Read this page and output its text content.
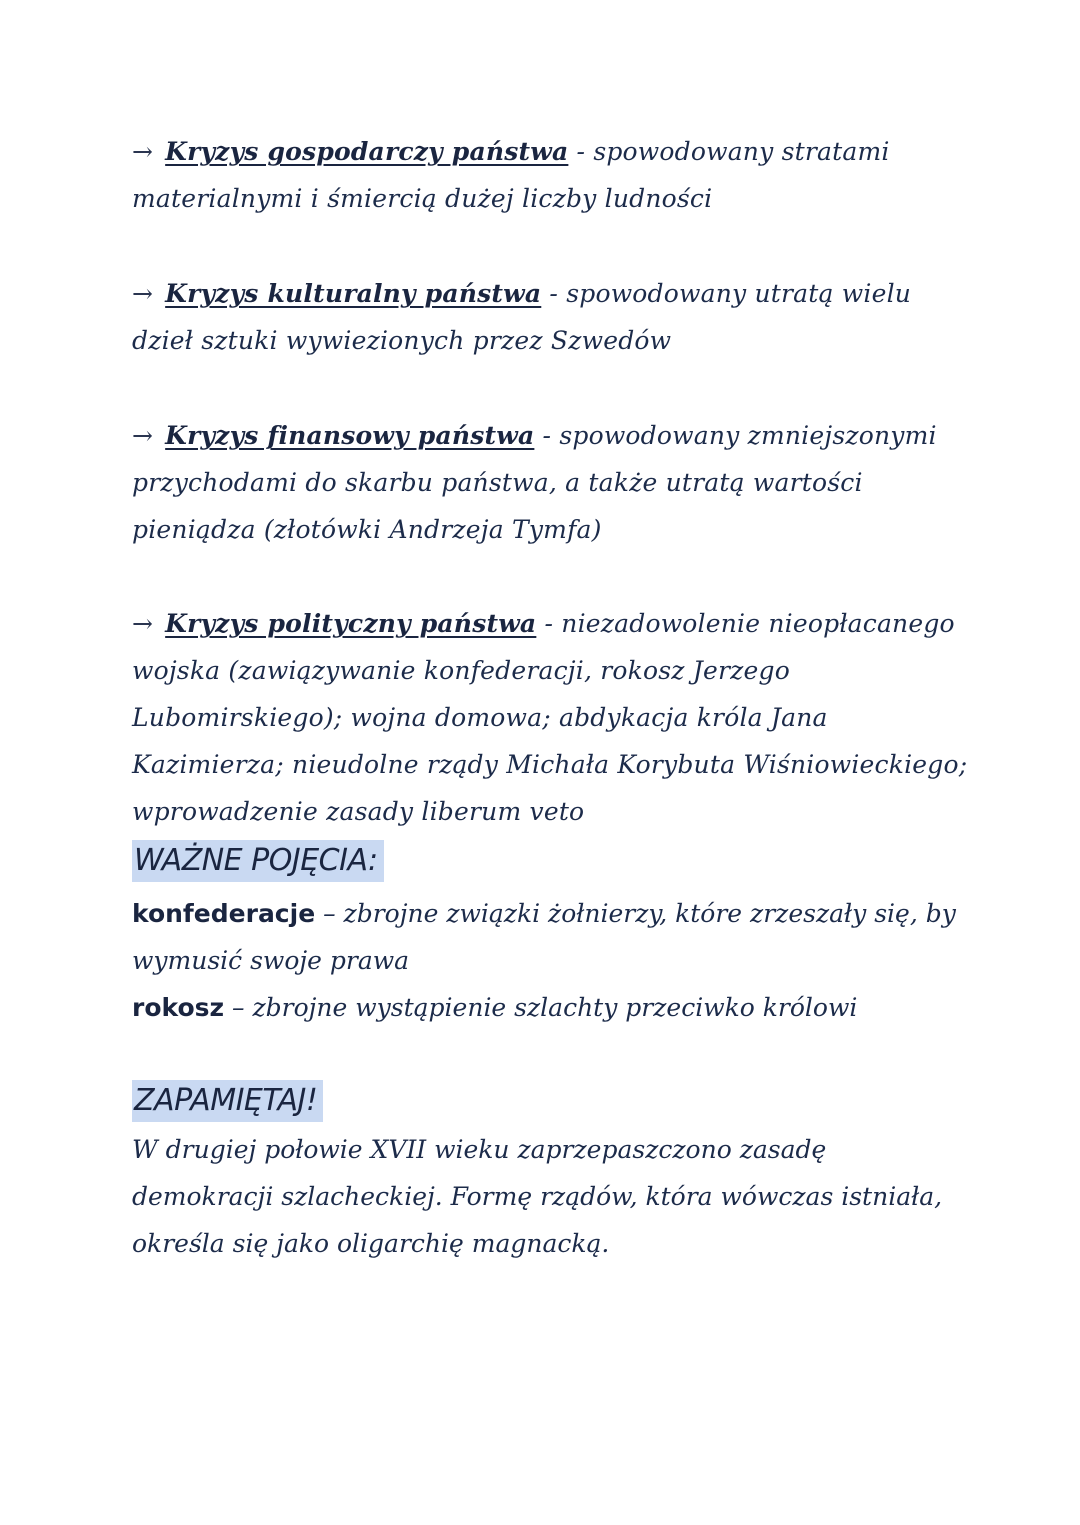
→ Kryzys gospodarczy państwa - spowodowany stratami materialnymi i śmiercią dużej liczby ludności
→ Kryzys kulturalny państwa - spowodowany utratą wielu dzieł sztuki wywiezionych przez Szwedów
→ Kryzys finansowy państwa - spowodowany zmniejszonymi przychodami do skarbu państwa, a także utratą wartości pieniądza (złotówki Andrzeja Tymfa)
→ Kryzys polityczny państwa - niezadowolenie nieopłacanego wojska (zawiązywanie konfederacji, rokosz Jerzego Lubomirskiego); wojna domowa; abdykacja króla Jana Kazimierza; nieudolne rządy Michała Korybuta Wiśniowieckiego; wprowadzenie zasady liberum veto
WAŻNE POJĘCIA:
konfederacje – zbrojne związki żołnierzy, które zrzeszały się, by wymusić swoje prawa
rokosz – zbrojne wystąpienie szlachty przeciwko królowi
ZAPAMIĘTAJ!
W drugiej połowie XVII wieku zaprzepaszczono zasadę demokracji szlacheckiej. Formę rządów, która wówczas istniała, określa się jako oligarchię magnacką.
